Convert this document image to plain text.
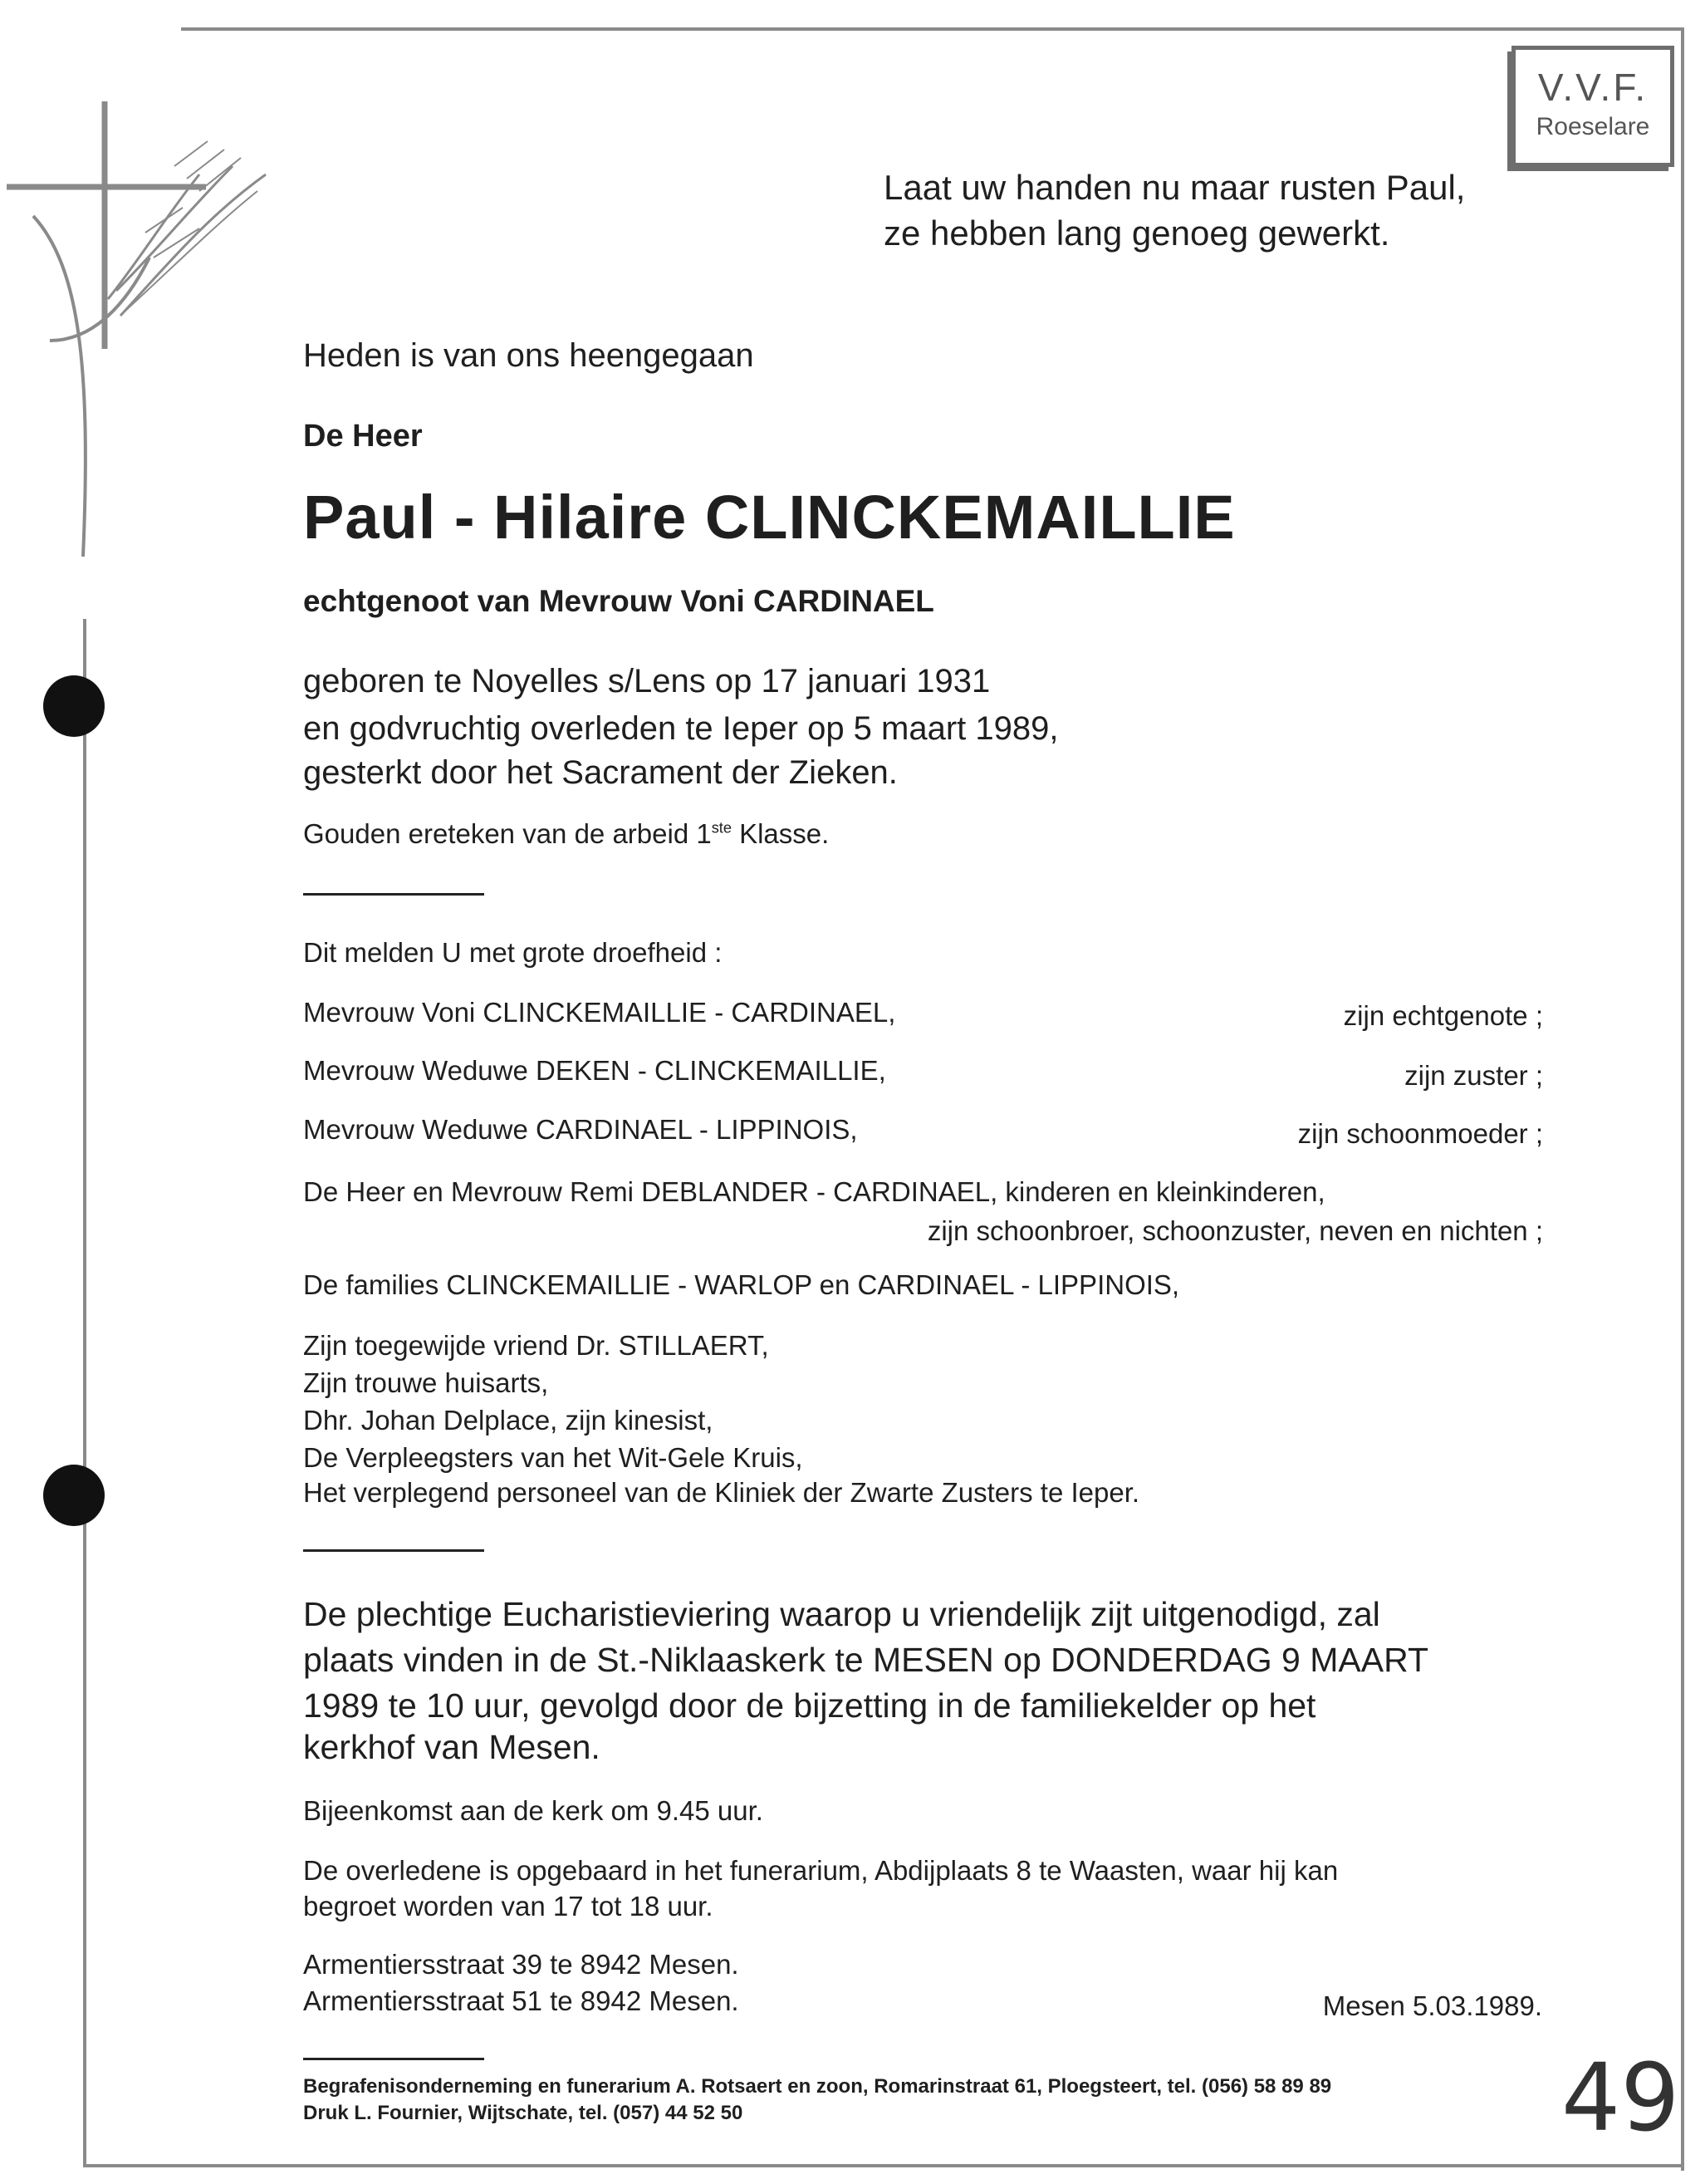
V.V.F.
Roeselare
Laat uw handen nu maar rusten Paul,
ze hebben lang genoeg gewerkt.
Heden is van ons heengegaan
De Heer
Paul - Hilaire CLINCKEMAILLIE
echtgenoot van Mevrouw Voni CARDINAEL
geboren te Noyelles s/Lens op 17 januari 1931
en godvruchtig overleden te Ieper op 5 maart 1989,
gesterkt door het Sacrament der Zieken.
Gouden ereteken van de arbeid 1ste Klasse.
Dit melden U met grote droefheid :
Mevrouw Voni CLINCKEMAILLIE - CARDINAEL,	zijn echtgenote ;
Mevrouw Weduwe DEKEN - CLINCKEMAILLIE,	zijn zuster ;
Mevrouw Weduwe CARDINAEL - LIPPINOIS,	zijn schoonmoeder ;
De Heer en Mevrouw Remi DEBLANDER - CARDINAEL, kinderen en kleinkinderen,
zijn schoonbroer, schoonzuster, neven en nichten ;
De families CLINCKEMAILLIE - WARLOP en CARDINAEL - LIPPINOIS,
Zijn toegewijde vriend Dr. STILLAERT,
Zijn trouwe huisarts,
Dhr. Johan Delplace, zijn kinesist,
De Verpleegsters van het Wit-Gele Kruis,
Het verplegend personeel van de Kliniek der Zwarte Zusters te Ieper.
De plechtige Eucharistieviering waarop u vriendelijk zijt uitgenodigd, zal
plaats vinden in de St.-Niklaaskerk te MESEN op DONDERDAG 9 MAART
1989 te 10 uur, gevolgd door de bijzetting in de familiekelder op het
kerkhof van Mesen.
Bijeenkomst aan de kerk om 9.45 uur.
De overledene is opgebaard in het funerarium, Abdijplaats 8 te Waasten, waar hij kan
begroet worden van 17 tot 18 uur.
Armentiersstraat 39 te 8942 Mesen.
Armentiersstraat 51 te 8942 Mesen.	Mesen 5.03.1989.
Begrafenisonderneming en funerarium A. Rotsaert en zoon, Romarinstraat 61, Ploegsteert, tel. (056) 58 89 89
Druk L. Fournier, Wijtschate, tel. (057) 44 52 50	49
